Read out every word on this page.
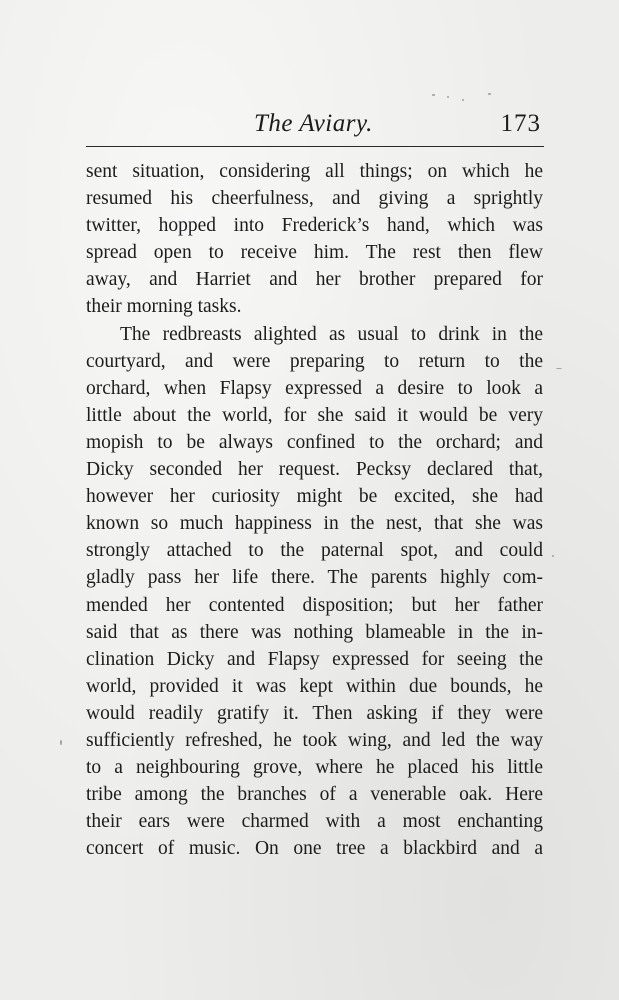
The Aviary.	173
sent situation, considering all things; on which he
resumed his cheerfulness, and giving a sprightly
twitter, hopped into Frederick’s hand, which was
spread open to receive him. The rest then flew
away, and Harriet and her brother prepared for
their morning tasks.
The redbreasts alighted as usual to drink in the
courtyard, and were preparing to return to the
orchard, when Flapsy expressed a desire to look a
little about the world, for she said it would be very
mopish to be always confined to the orchard; and
Dicky seconded her request. Pecksy declared that,
however her curiosity might be excited, she had
known so much happiness in the nest, that she was
strongly attached to the paternal spot, and could
gladly pass her life there. The parents highly com-
mended her contented disposition; but her father
said that as there was nothing blameable in the in-
clination Dicky and Flapsy expressed for seeing the
world, provided it was kept within due bounds, he
would readily gratify it. Then asking if they were
sufficiently refreshed, he took wing, and led the way
to a neighbouring grove, where he placed his little
tribe among the branches of a venerable oak. Here
their ears were charmed with a most enchanting
concert of music. On one tree a blackbird and a
